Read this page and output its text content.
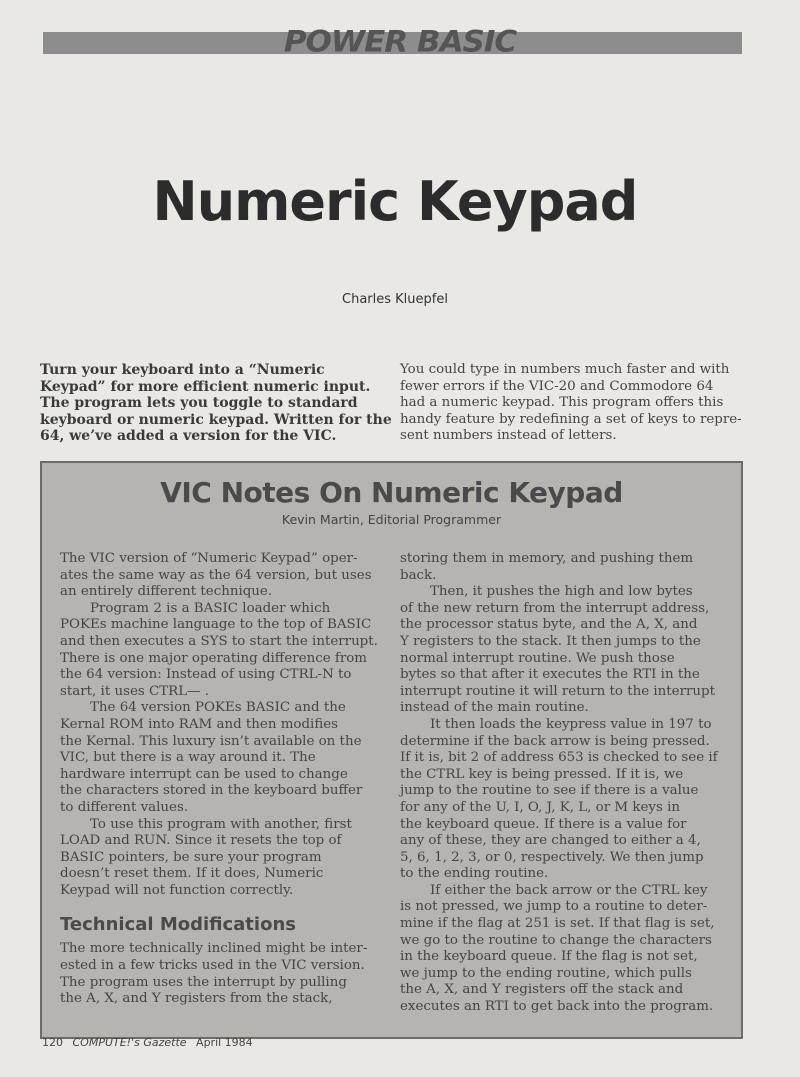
POWER BASIC
Numeric Keypad
Charles Kluepfel
Turn your keyboard into a “Numeric
Keypad” for more efficient numeric input.
The program lets you toggle to standard
keyboard or numeric keypad. Written for the
64, we’ve added a version for the VIC.
You could type in numbers much faster and with
fewer errors if the VIC-20 and Commodore 64
had a numeric keypad. This program offers this
handy feature by redefining a set of keys to repre-
sent numbers instead of letters.
VIC Notes On Numeric Keypad
Kevin Martin, Editorial Programmer
The VIC version of “Numeric Keypad” oper-
ates the same way as the 64 version, but uses
an entirely different technique.
Program 2 is a BASIC loader which
POKEs machine language to the top of BASIC
and then executes a SYS to start the interrupt.
There is one major operating difference from
the 64 version: Instead of using CTRL-N to
start, it uses CTRL— .
The 64 version POKEs BASIC and the
Kernal ROM into RAM and then modifies
the Kernal. This luxury isn’t available on the
VIC, but there is a way around it. The
hardware interrupt can be used to change
the characters stored in the keyboard buffer
to different values.
To use this program with another, first
LOAD and RUN. Since it resets the top of
BASIC pointers, be sure your program
doesn’t reset them. If it does, Numeric
Keypad will not function correctly.
Technical Modifications
The more technically inclined might be inter-
ested in a few tricks used in the VIC version.
The program uses the interrupt by pulling
the A, X, and Y registers from the stack,
storing them in memory, and pushing them
back.
Then, it pushes the high and low bytes
of the new return from the interrupt address,
the processor status byte, and the A, X, and
Y registers to the stack. It then jumps to the
normal interrupt routine. We push those
bytes so that after it executes the RTI in the
interrupt routine it will return to the interrupt
instead of the main routine.
It then loads the keypress value in 197 to
determine if the back arrow is being pressed.
If it is, bit 2 of address 653 is checked to see if
the CTRL key is being pressed. If it is, we
jump to the routine to see if there is a value
for any of the U, I, O, J, K, L, or M keys in
the keyboard queue. If there is a value for
any of these, they are changed to either a 4,
5, 6, 1, 2, 3, or 0, respectively. We then jump
to the ending routine.
If either the back arrow or the CTRL key
is not pressed, we jump to a routine to deter-
mine if the flag at 251 is set. If that flag is set,
we go to the routine to change the characters
in the keyboard queue. If the flag is not set,
we jump to the ending routine, which pulls
the A, X, and Y registers off the stack and
executes an RTI to get back into the program.
120 COMPUTE!'s Gazette April 1984
